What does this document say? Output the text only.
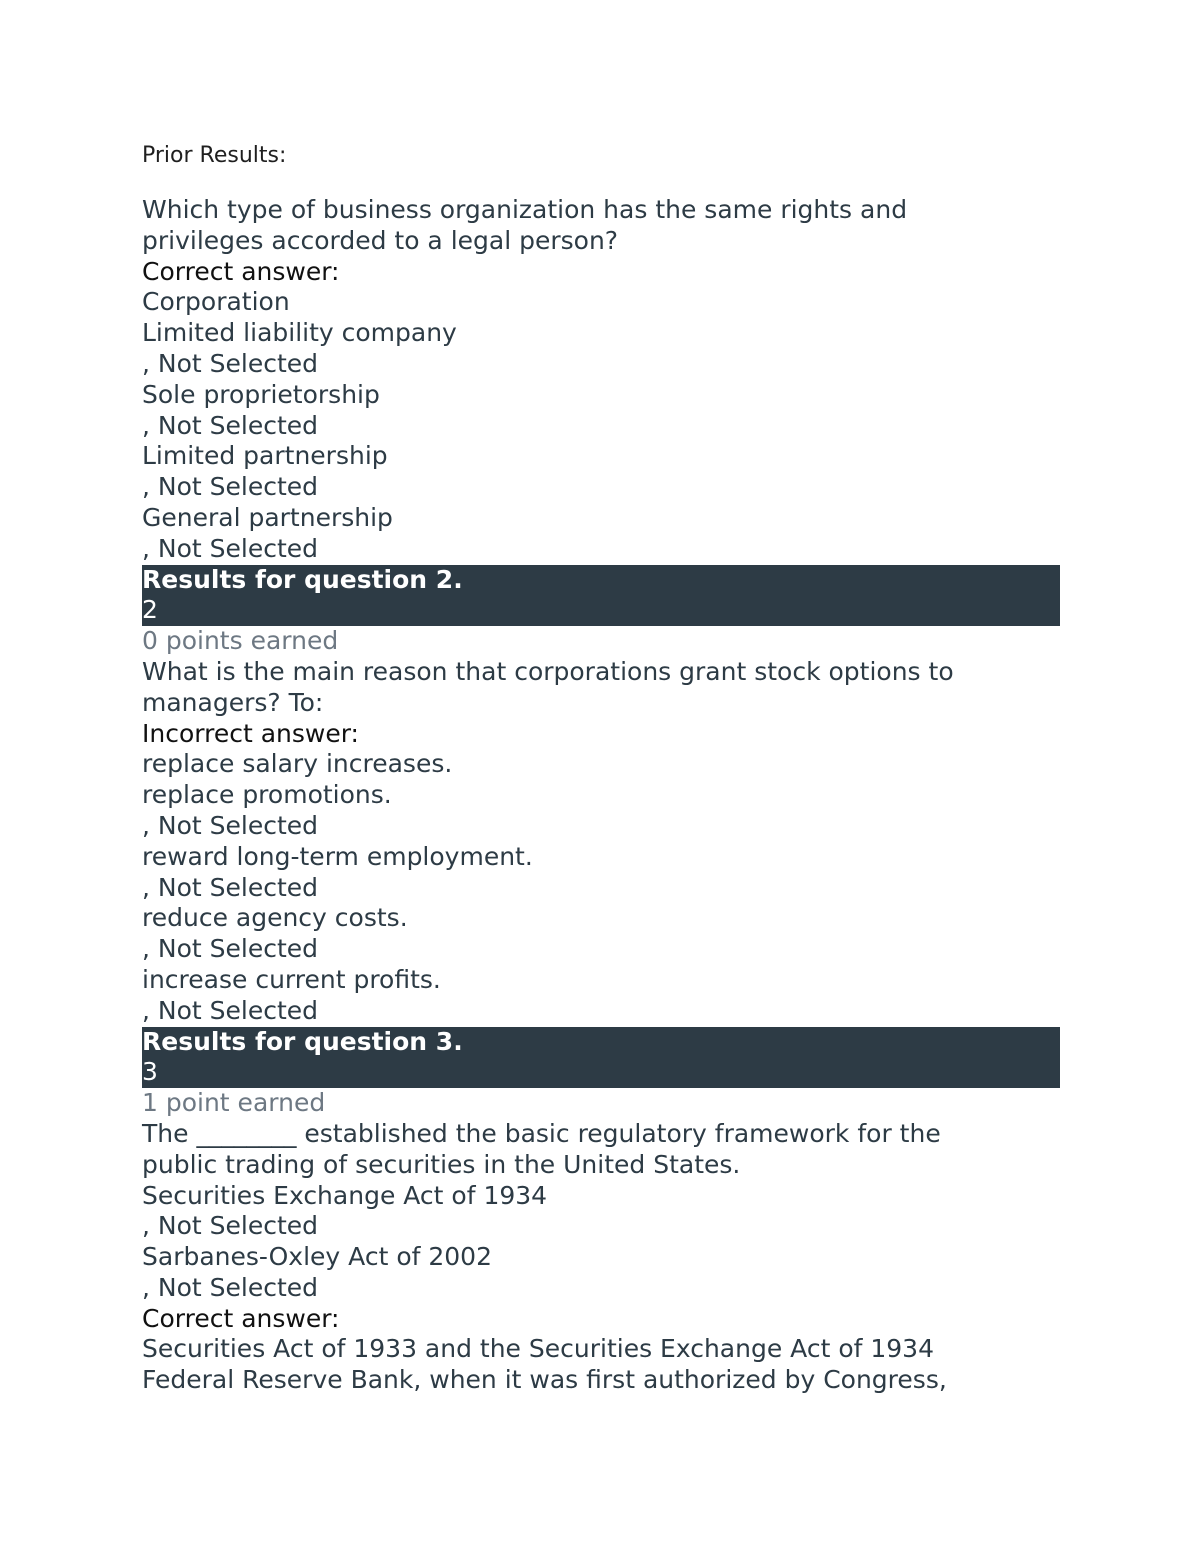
Prior Results:
Which type of business organization has the same rights and
privileges accorded to a legal person?
Correct answer:
Corporation
Limited liability company
, Not Selected
Sole proprietorship
, Not Selected
Limited partnership
, Not Selected
General partnership
, Not Selected
Results for question 2.
2
0 points earned
What is the main reason that corporations grant stock options to
managers? To:
Incorrect answer:
replace salary increases.
replace promotions.
, Not Selected
reward long-term employment.
, Not Selected
reduce agency costs.
, Not Selected
increase current profits.
, Not Selected
Results for question 3.
3
1 point earned
The ________ established the basic regulatory framework for the
public trading of securities in the United States.
Securities Exchange Act of 1934
, Not Selected
Sarbanes-Oxley Act of 2002
, Not Selected
Correct answer:
Securities Act of 1933 and the Securities Exchange Act of 1934
Federal Reserve Bank, when it was first authorized by Congress,
